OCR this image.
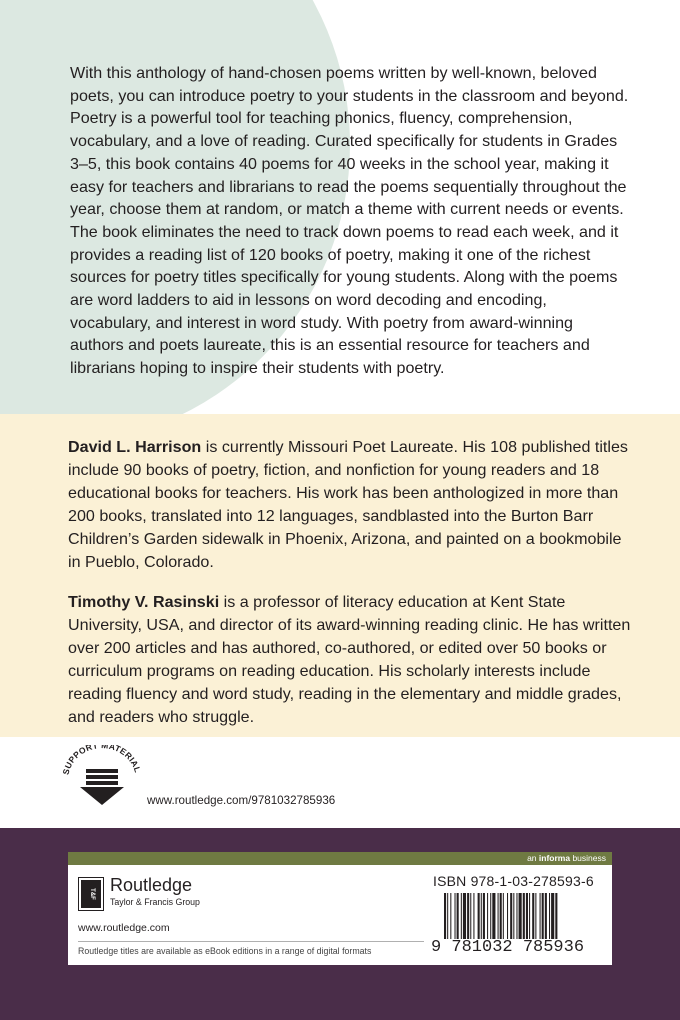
With this anthology of hand-chosen poems written by well-known, beloved poets, you can introduce poetry to your students in the classroom and beyond. Poetry is a powerful tool for teaching phonics, fluency, comprehension, vocabulary, and a love of reading. Curated specifically for students in Grades 3–5, this book contains 40 poems for 40 weeks in the school year, making it easy for teachers and librarians to read the poems sequentially throughout the year, choose them at random, or match a theme with current needs or events. The book eliminates the need to track down poems to read each week, and it provides a reading list of 120 books of poetry, making it one of the richest sources for poetry titles specifically for young students. Along with the poems are word ladders to aid in lessons on word decoding and encoding, vocabulary, and interest in word study. With poetry from award-winning authors and poets laureate, this is an essential resource for teachers and librarians hoping to inspire their students with poetry.

David L. Harrison is currently Missouri Poet Laureate. His 108 published titles include 90 books of poetry, fiction, and nonfiction for young readers and 18 educational books for teachers. His work has been anthologized in more than 200 books, translated into 12 languages, sandblasted into the Burton Barr Children’s Garden sidewalk in Phoenix, Arizona, and painted on a bookmobile in Pueblo, Colorado.

Timothy V. Rasinski is a professor of literacy education at Kent State University, USA, and director of its award-winning reading clinic. He has written over 200 articles and has authored, co-authored, or edited over 50 books or curriculum programs on reading education. His scholarly interests include reading fluency and word study, reading in the elementary and middle grades, and readers who struggle.

SUPPORT MATERIAL
www.routledge.com/9781032785936
an informa business
T&F Routledge
Taylor & Francis Group
www.routledge.com
Routledge titles are available as eBook editions in a range of digital formats
ISBN 978-1-03-278593-6
9 781032 785936
